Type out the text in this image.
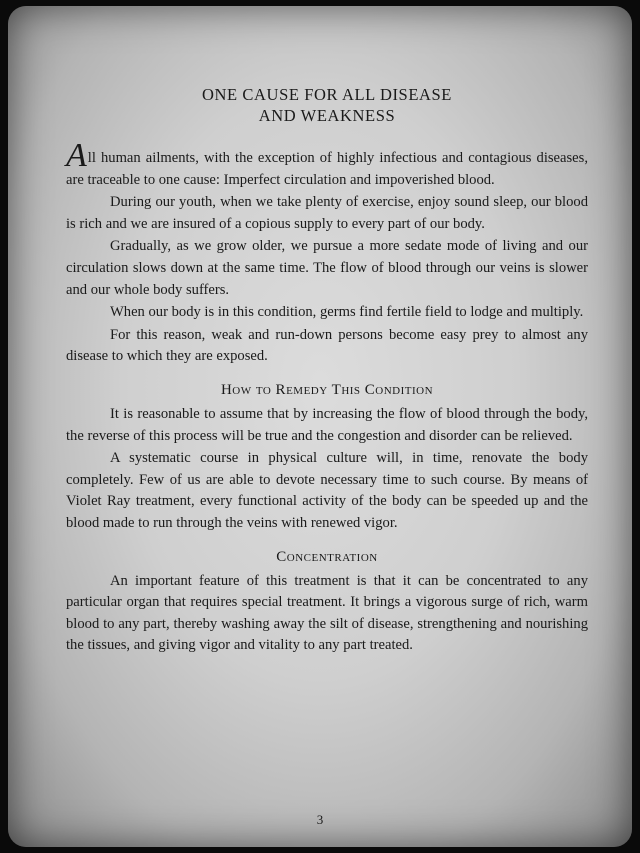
ONE CAUSE FOR ALL DISEASE
AND WEAKNESS

All human ailments, with the exception of highly infectious and contagious diseases, are traceable to one cause: Imperfect circulation and impoverished blood.

During our youth, when we take plenty of exercise, enjoy sound sleep, our blood is rich and we are insured of a copious supply to every part of our body.

Gradually, as we grow older, we pursue a more sedate mode of living and our circulation slows down at the same time. The flow of blood through our veins is slower and our whole body suffers.

When our body is in this condition, germs find fertile field to lodge and multiply.

For this reason, weak and run-down persons become easy prey to almost any disease to which they are exposed.

How to Remedy This Condition

It is reasonable to assume that by increasing the flow of blood through the body, the reverse of this process will be true and the congestion and disorder can be relieved.

A systematic course in physical culture will, in time, renovate the body completely. Few of us are able to devote necessary time to such course. By means of Violet Ray treatment, every functional activity of the body can be speeded up and the blood made to run through the veins with renewed vigor.

Concentration

An important feature of this treatment is that it can be concentrated to any particular organ that requires special treatment. It brings a vigorous surge of rich, warm blood to any part, thereby washing away the silt of disease, strengthening and nourishing the tissues, and giving vigor and vitality to any part treated.

3
